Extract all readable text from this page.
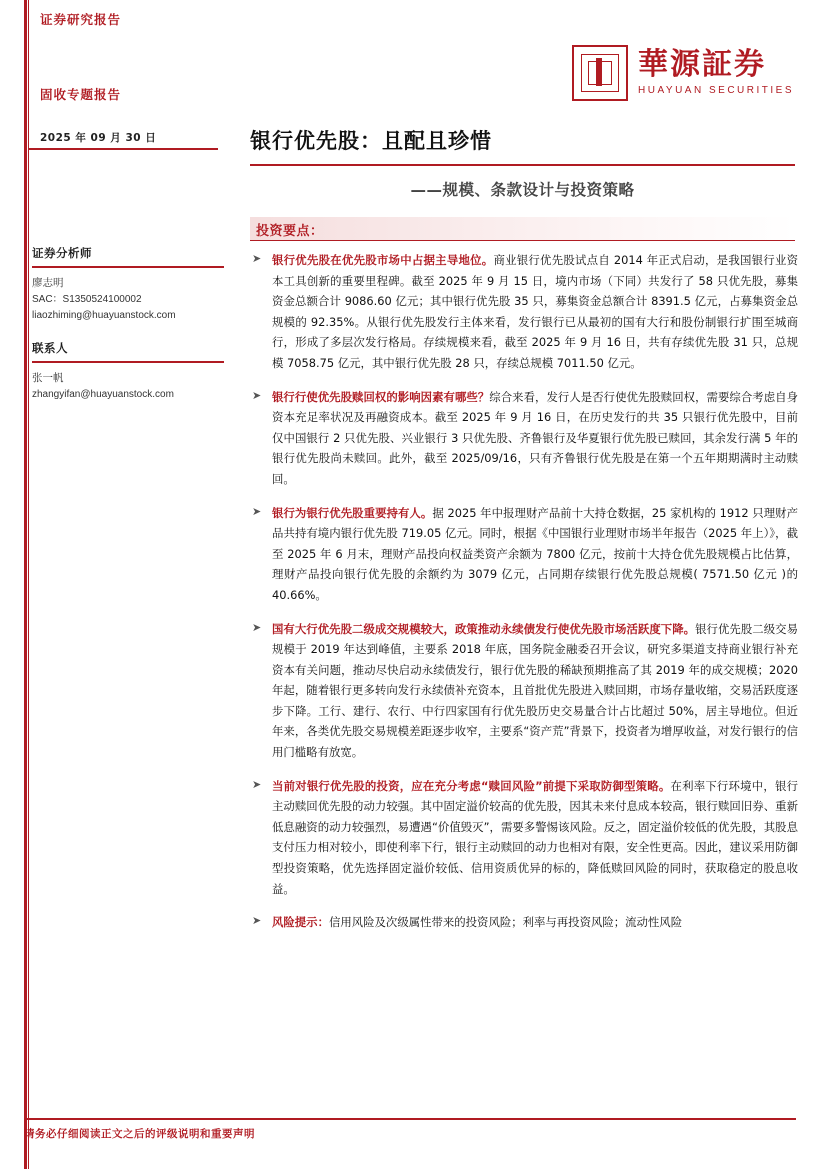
证券研究报告
固收专题报告
2025 年 09 月 30 日
華源証券
HUAYUAN SECURITIES
银行优先股：且配且珍惜
——规模、条款设计与投资策略
投资要点：
证券分析师
廖志明
SAC：S1350524100002
liaozhiming@huayuanstock.com
联系人
张一帆
zhangyifan@huayuanstock.com
➤ 银行优先股在优先股市场中占据主导地位。商业银行优先股试点自 2014 年正式启动，是我国银行业资本工具创新的重要里程碑。截至 2025 年 9 月 15 日，境内市场（下同）共发行了 58 只优先股，募集资金总额合计 9086.60 亿元；其中银行优先股 35 只，募集资金总额合计 8391.5 亿元，占募集资金总规模的 92.35%。从银行优先股发行主体来看，发行银行已从最初的国有大行和股份制银行扩围至城商行，形成了多层次发行格局。存续规模来看，截至 2025 年 9 月 16 日，共有存续优先股 31 只，总规模 7058.75 亿元，其中银行优先股 28 只，存续总规模 7011.50 亿元。
➤ 银行行使优先股赎回权的影响因素有哪些？综合来看，发行人是否行使优先股赎回权，需要综合考虑自身资本充足率状况及再融资成本。截至 2025 年 9 月 16 日，在历史发行的共 35 只银行优先股中，目前仅中国银行 2 只优先股、兴业银行 3 只优先股、齐鲁银行及华夏银行优先股已赎回，其余发行满 5 年的银行优先股尚未赎回。此外，截至 2025/09/16，只有齐鲁银行优先股是在第一个五年期期满时主动赎回。
➤ 银行为银行优先股重要持有人。据 2025 年中报理财产品前十大持仓数据，25 家机构的 1912 只理财产品共持有境内银行优先股 719.05 亿元。同时，根据《中国银行业理财市场半年报告（2025 年上）》，截至 2025 年 6 月末，理财产品投向权益类资产余额为 7800 亿元，按前十大持仓优先股规模占比估算，理财产品投向银行优先股的余额约为 3079 亿元，占同期存续银行优先股总规模( 7571.50 亿元 )的 40.66%。
➤ 国有大行优先股二级成交规模较大，政策推动永续债发行使优先股市场活跃度下降。银行优先股二级交易规模于 2019 年达到峰值，主要系 2018 年底，国务院金融委召开会议，研究多渠道支持商业银行补充资本有关问题，推动尽快启动永续债发行，银行优先股的稀缺预期推高了其 2019 年的成交规模；2020 年起，随着银行更多转向发行永续债补充资本，且首批优先股进入赎回期，市场存量收缩，交易活跃度逐步下降。工行、建行、农行、中行四家国有行优先股历史交易量合计占比超过 50%，居主导地位。但近年来，各类优先股交易规模差距逐步收窄，主要系“资产荒”背景下，投资者为增厚收益，对发行银行的信用门槛略有放宽。
➤ 当前对银行优先股的投资，应在充分考虑“赎回风险”前提下采取防御型策略。在利率下行环境中，银行主动赎回优先股的动力较强。其中固定溢价较高的优先股，因其未来付息成本较高，银行赎回旧券、重新低息融资的动力较强烈，易遭遇“价值毁灭”，需要多警惕该风险。反之，固定溢价较低的优先股，其股息支付压力相对较小，即使利率下行，银行主动赎回的动力也相对有限，安全性更高。因此，建议采用防御型投资策略，优先选择固定溢价较低、信用资质优异的标的，降低赎回风险的同时，获取稳定的股息收益。
➤ 风险提示：信用风险及次级属性带来的投资风险；利率与再投资风险；流动性风险
请务必仔细阅读正文之后的评级说明和重要声明
